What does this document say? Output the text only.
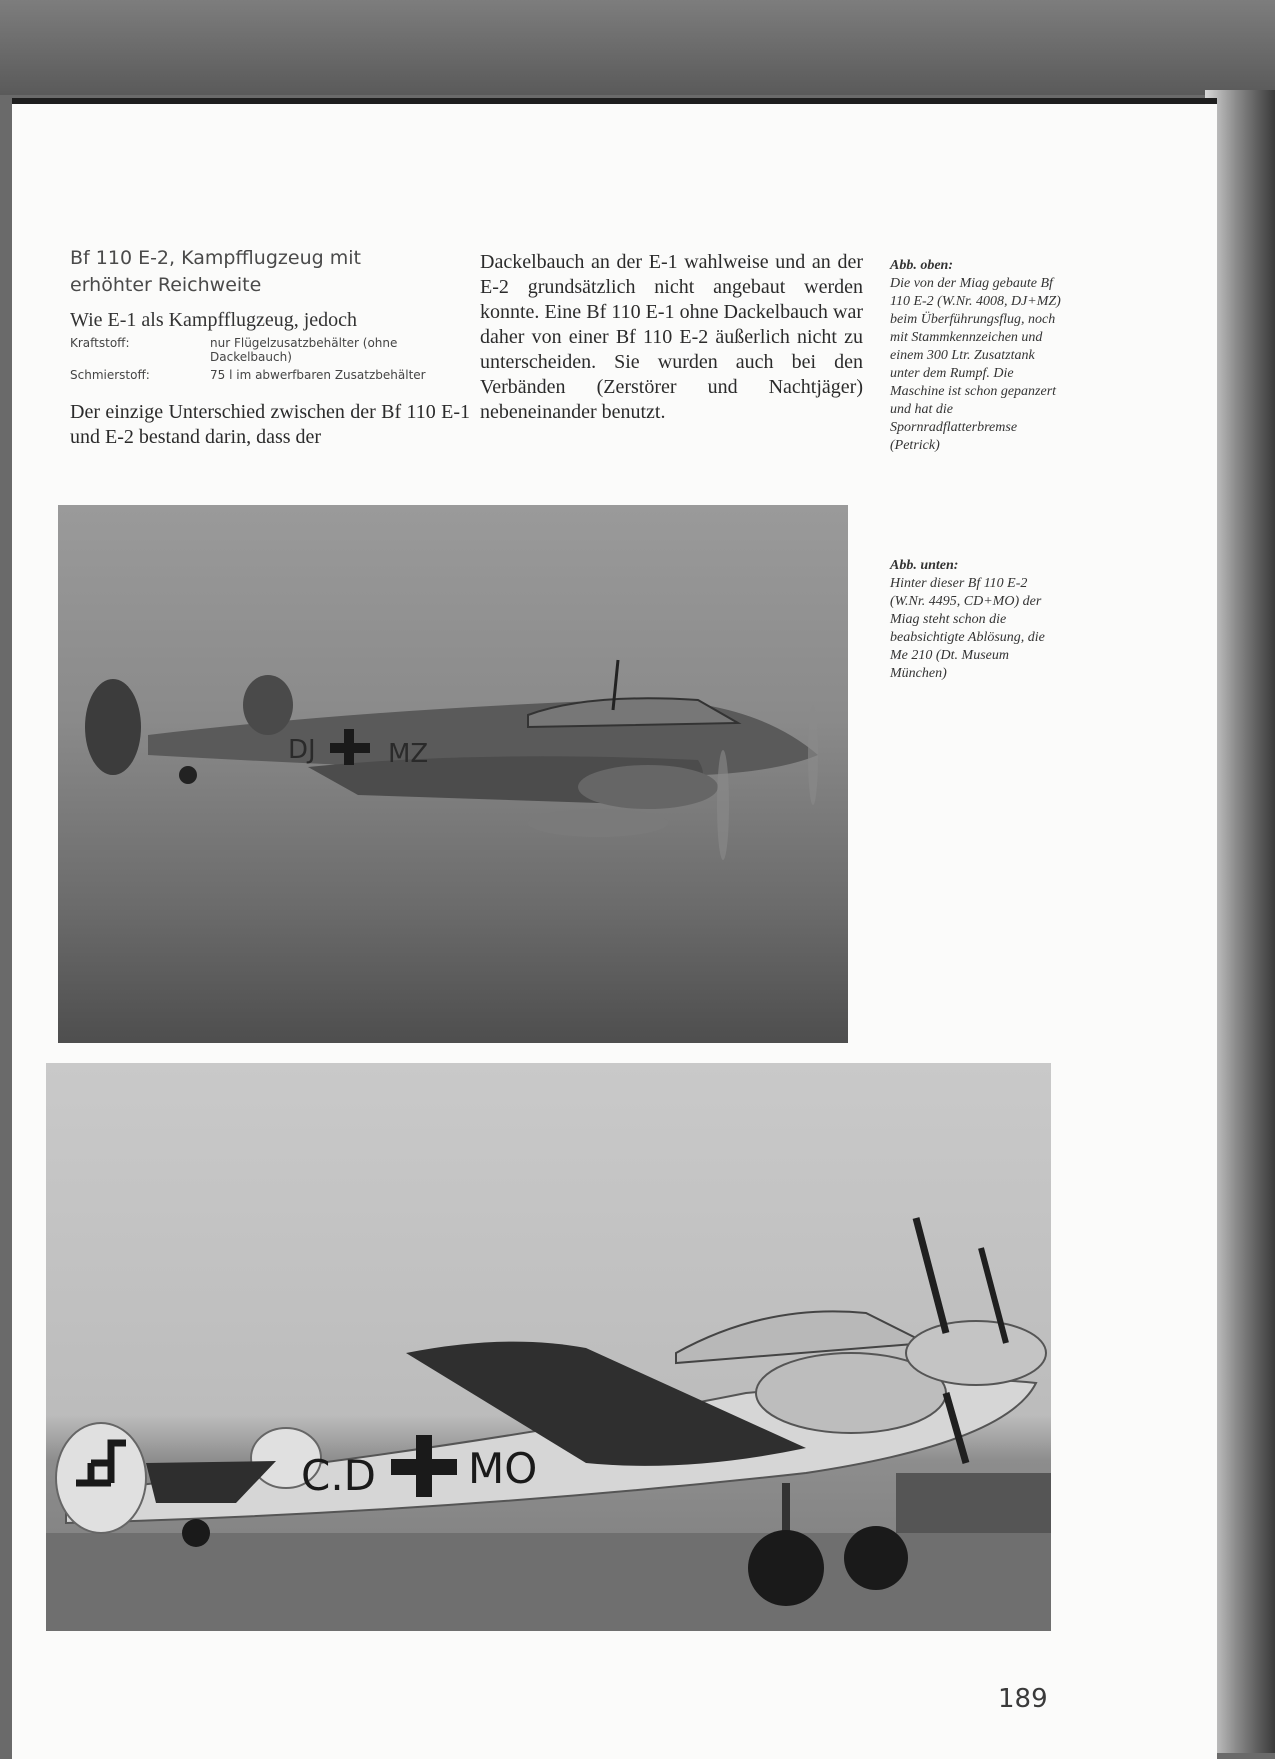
Bf 110 E-2, Kampfflugzeug mit
erhöhter Reichweite
Wie E-1 als Kampfflugzeug, jedoch
Kraftstoff:	nur Flügelzusatzbehälter (ohne Dackelbauch)
Schmierstoff:	75 l im abwerfbaren Zusatzbehälter

Der einzige Unterschied zwischen der Bf 110 E-1 und E-2 bestand darin, dass der

Dackelbauch an der E-1 wahlweise und an der E-2 grundsätzlich nicht angebaut werden konnte. Eine Bf 110 E-1 ohne Dackelbauch war daher von einer Bf 110 E-2 äußerlich nicht zu unterscheiden. Sie wurden auch bei den Verbänden (Zerstörer und Nachtjäger) nebeneinander benutzt.

Abb. oben:
Die von der Miag gebaute Bf 110 E-2 (W.Nr. 4008, DJ+MZ) beim Überführungsflug, noch mit Stammkennzeichen und einem 300 Ltr. Zusatztank unter dem Rumpf. Die Maschine ist schon gepanzert und hat die Spornradflatterbremse (Petrick)
Abb. unten:
Hinter dieser Bf 110 E-2 (W.Nr. 4495, CD+MO) der Miag steht schon die beabsichtigte Ablösung, die Me 210 (Dt. Museum München)
DJ	MZ
C.D MO
189
